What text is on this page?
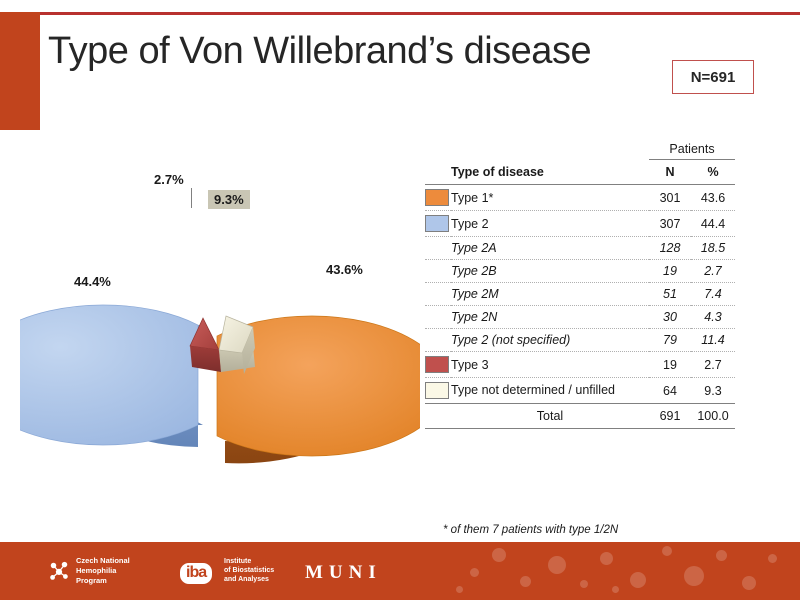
Type of Von Willebrand’s disease
N=691
43.6%
44.4%
2.7%
9.3%
		Patients	
	Type of disease	N	%

	Type 1*	301	43.6

	Type 2	307	44.4
	Type 2A	128	18.5
	Type 2B	19	2.7
	Type 2M	51	7.4
	Type 2N	30	4.3
	Type 2 (not specified)	79	11.4

	Type 3	19	2.7

	Type not determined / unfilled	64	9.3
	Total	691	100.0
* of them 7 patients with type 1/2N
Czech National
Hemophilia
Program	iba
Institute
of Biostatistics
and Analyses MUNI
